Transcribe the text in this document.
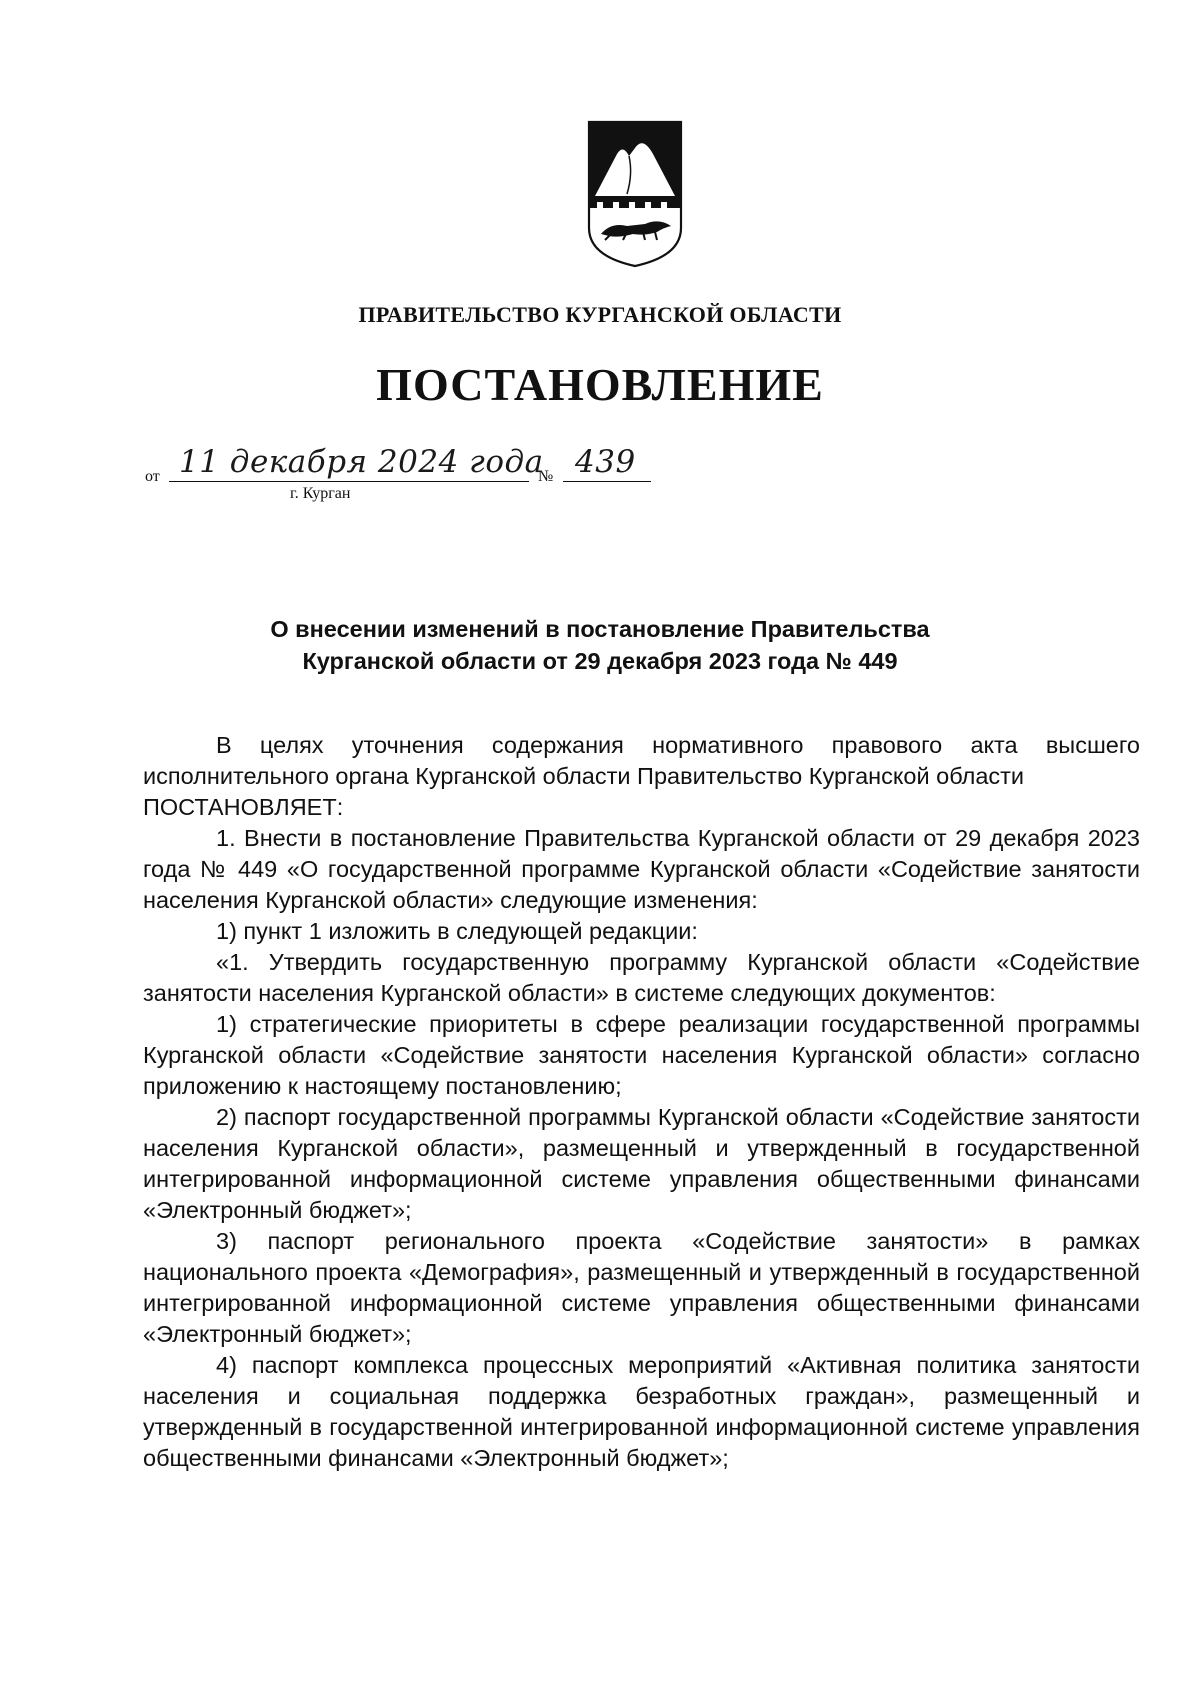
ПРАВИТЕЛЬСТВО КУРГАНСКОЙ ОБЛАСТИ
ПОСТАНОВЛЕНИЕ
от 11 декабря 2024 года
№ 439
г. Курган
О внесении изменений в постановление Правительства
Курганской области от 29 декабря 2023 года № 449

В целях уточнения содержания нормативного правового акта высшего исполнительного органа Курганской области Правительство Курганской области

ПОСТАНОВЛЯЕТ:

1. Внести в постановление Правительства Курганской области от 29 декабря 2023 года № 449 «О государственной программе Курганской области «Содействие занятости населения Курганской области» следующие изменения:

1) пункт 1 изложить в следующей редакции:

«1. Утвердить государственную программу Курганской области «Содействие занятости населения Курганской области» в системе следующих документов:

1) стратегические приоритеты в сфере реализации государственной программы Курганской области «Содействие занятости населения Курганской области» согласно приложению к настоящему постановлению;

2) паспорт государственной программы Курганской области «Содействие занятости населения Курганской области», размещенный и утвержденный в государственной интегрированной информационной системе управления общественными финансами «Электронный бюджет»;

3) паспорт регионального проекта «Содействие занятости» в рамках национального проекта «Демография», размещенный и утвержденный в государственной интегрированной информационной системе управления общественными финансами «Электронный бюджет»;

4) паспорт комплекса процессных мероприятий «Активная политика занятости населения и социальная поддержка безработных граждан», размещенный и утвержденный в государственной интегрированной информационной системе управления общественными финансами «Электронный бюджет»;
